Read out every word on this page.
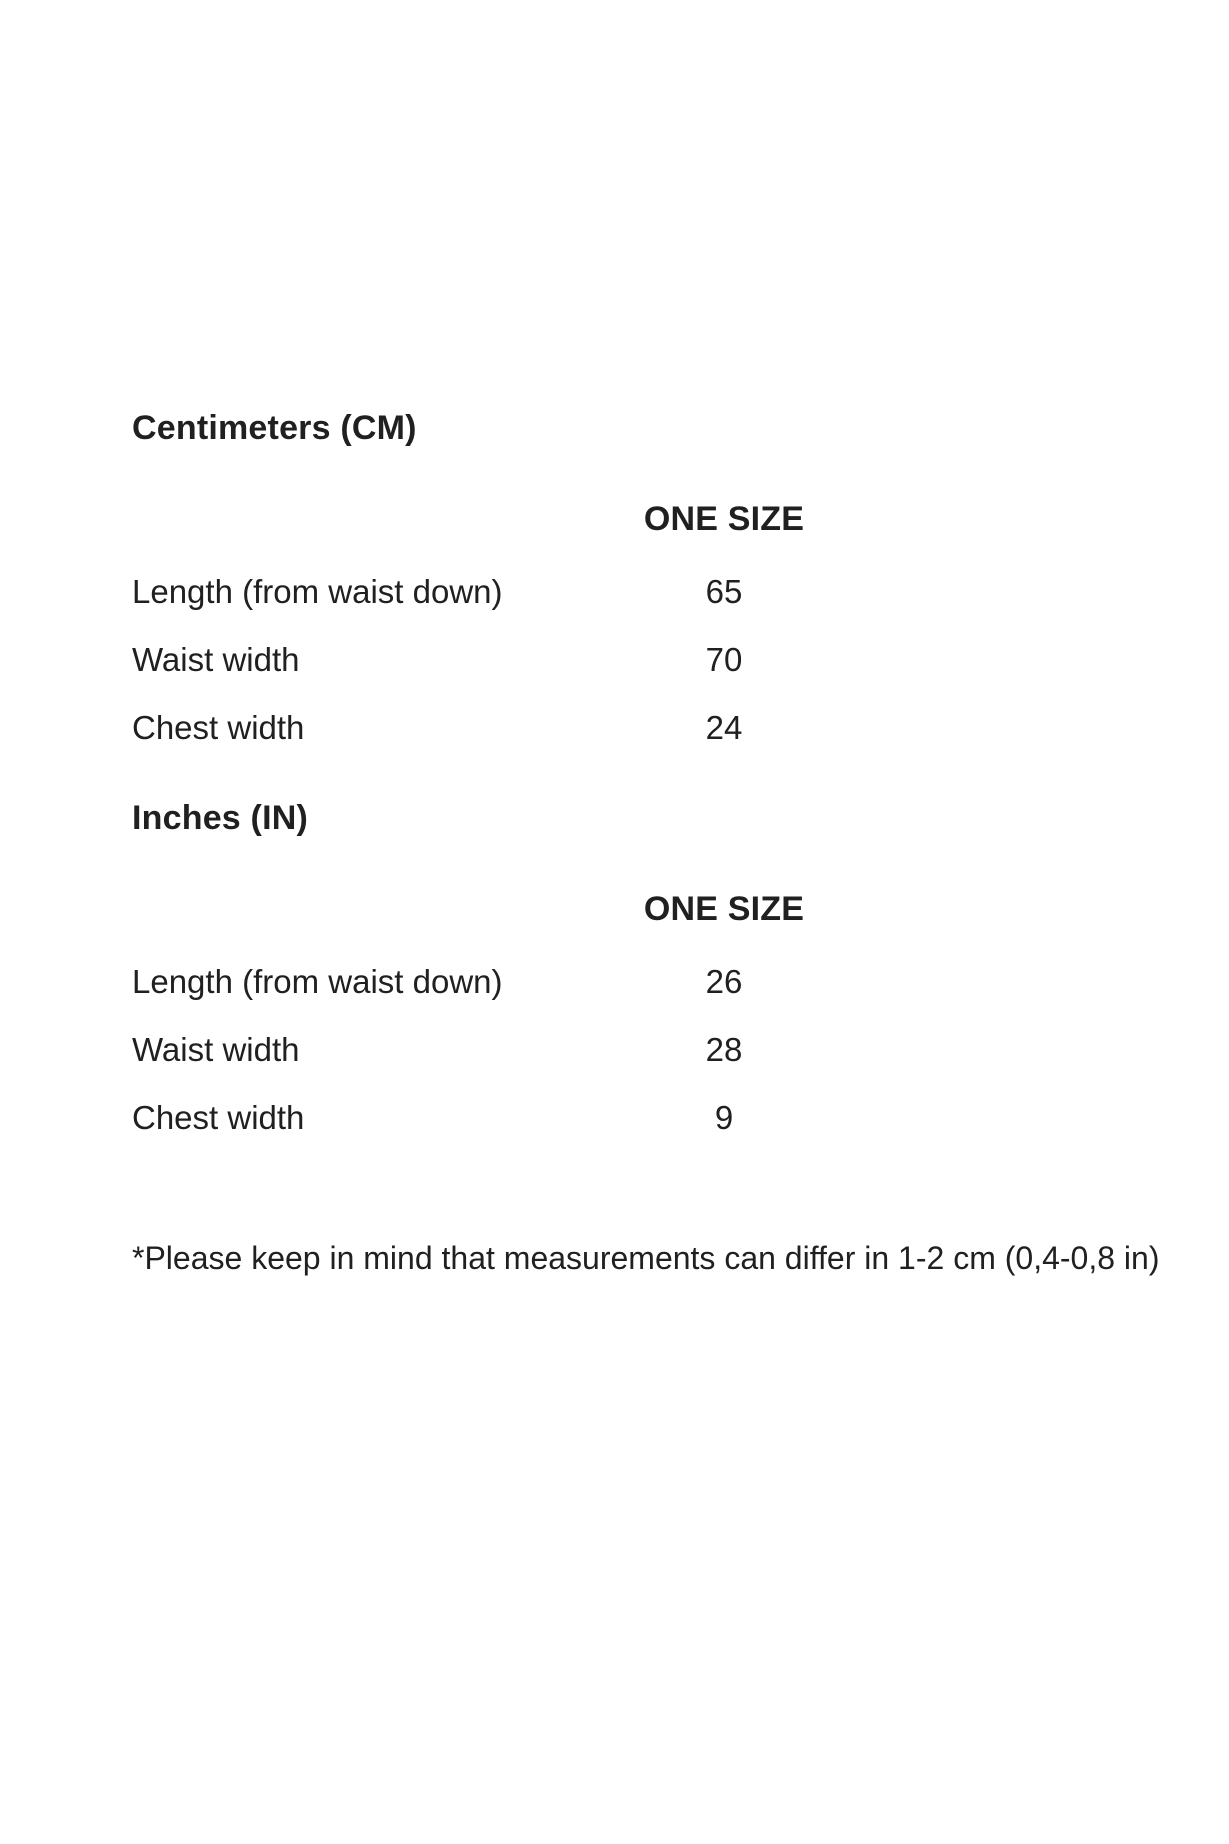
Centimeters (CM)
ONE SIZE
Length (from waist down)	65
Waist width	70
Chest width	24
Inches (IN)
ONE SIZE
Length (from waist down)	26
Waist width	28
Chest width	9

*Please keep in mind that measurements can differ in 1-2 cm (0,4-0,8 in)
